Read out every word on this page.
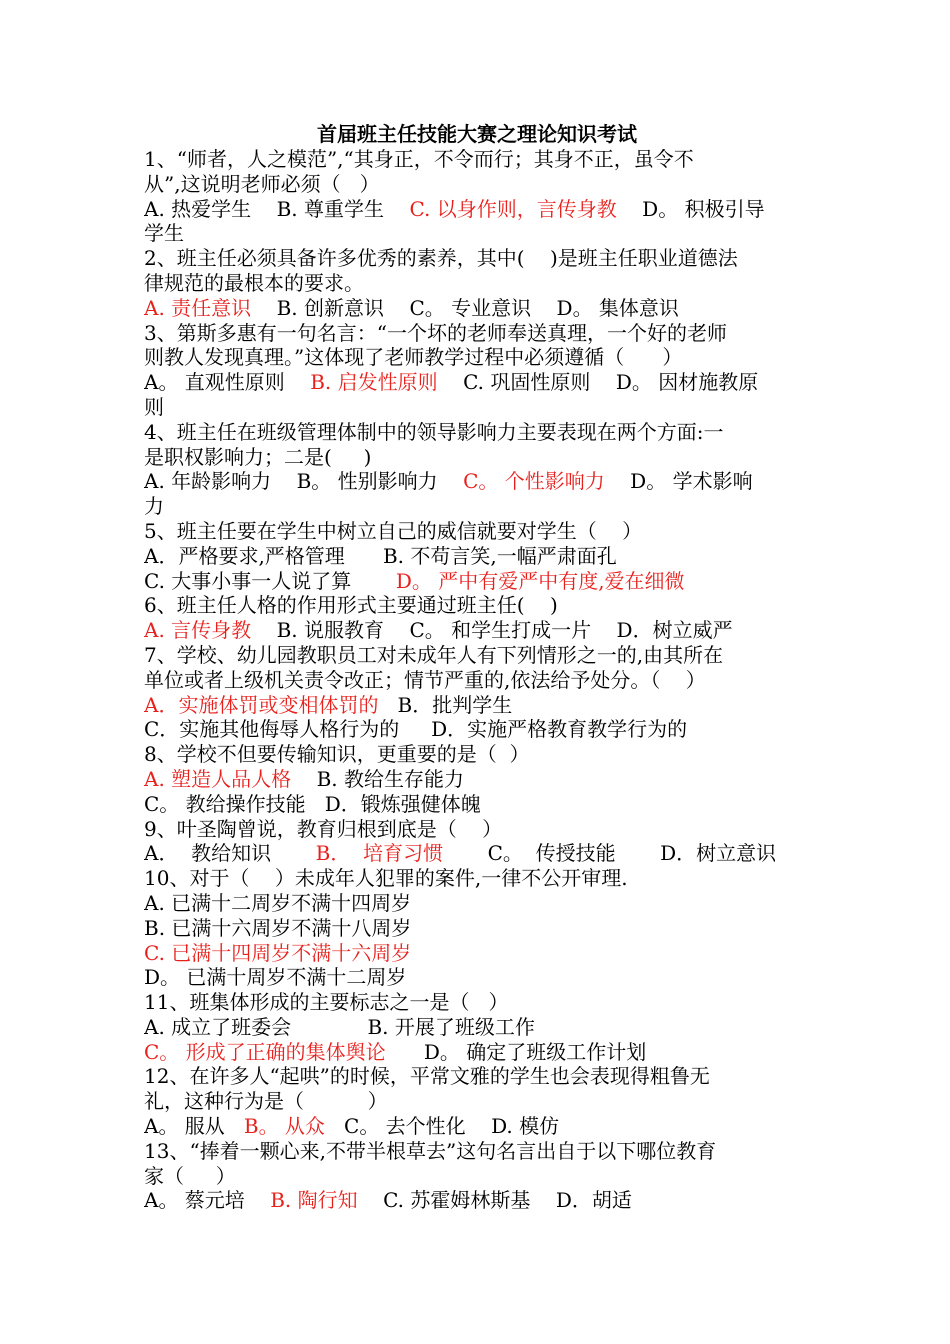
首届班主任技能大赛之理论知识考试
1、“师者，人之模范”,“其身正，不令而行；其身不正，虽令不
从”,这说明老师必须（   ）
A. 热爱学生    B. 尊重学生    C. 以身作则，言传身教    D。 积极引导
学生
2、班主任必须具备许多优秀的素养，其中(    )是班主任职业道德法
律规范的最根本的要求。
A. 责任意识    B. 创新意识    C。 专业意识    D。 集体意识
3、第斯多惠有一句名言：“一个坏的老师奉送真理，一个好的老师
则教人发现真理。”这体现了老师教学过程中必须遵循（      ）
A。 直观性原则    B. 启发性原则    C. 巩固性原则    D。 因材施教原
则
4、班主任在班级管理体制中的领导影响力主要表现在两个方面:一
是职权影响力；二是(     )
A. 年龄影响力    B。 性别影响力    C。 个性影响力    D。 学术影响
力
5、班主任要在学生中树立自己的威信就要对学生（    ）
A．严格要求,严格管理      B. 不苟言笑,一幅严肃面孔
C. 大事小事一人说了算       D。 严中有爱严中有度,爱在细微
6、班主任人格的作用形式主要通过班主任(    )
A. 言传身教    B. 说服教育    C。 和学生打成一片    D．树立威严
7、学校、幼儿园教职员工对未成年人有下列情形之一的,由其所在
单位或者上级机关责令改正；情节严重的,依法给予处分。（    ）
A．实施体罚或变相体罚的   B．批判学生
C．实施其他侮辱人格行为的     D．实施严格教育教学行为的
8、学校不但要传输知识，更重要的是（  ）
A. 塑造人品人格    B. 教给生存能力
C。 教给操作技能   D．锻炼强健体魄
9、叶圣陶曾说，教育归根到底是（    ）
A．  教给知识       B．  培育习惯       C。  传授技能       D．树立意识
10、对于（    ）未成年人犯罪的案件,一律不公开审理.
A. 已满十二周岁不满十四周岁
B. 已满十六周岁不满十八周岁
C. 已满十四周岁不满十六周岁
D。 已满十周岁不满十二周岁
11、班集体形成的主要标志之一是（   ）
A. 成立了班委会            B. 开展了班级工作
C。 形成了正确的集体舆论      D。 确定了班级工作计划
12、在许多人“起哄”的时候，平常文雅的学生也会表现得粗鲁无
礼，这种行为是（          ）
A。 服从   B。 从众   C。 去个性化    D. 模仿
13、“捧着一颗心来,不带半根草去”这句名言出自于以下哪位教育
家（     ）
A。 蔡元培    B. 陶行知    C. 苏霍姆林斯基    D．胡适
